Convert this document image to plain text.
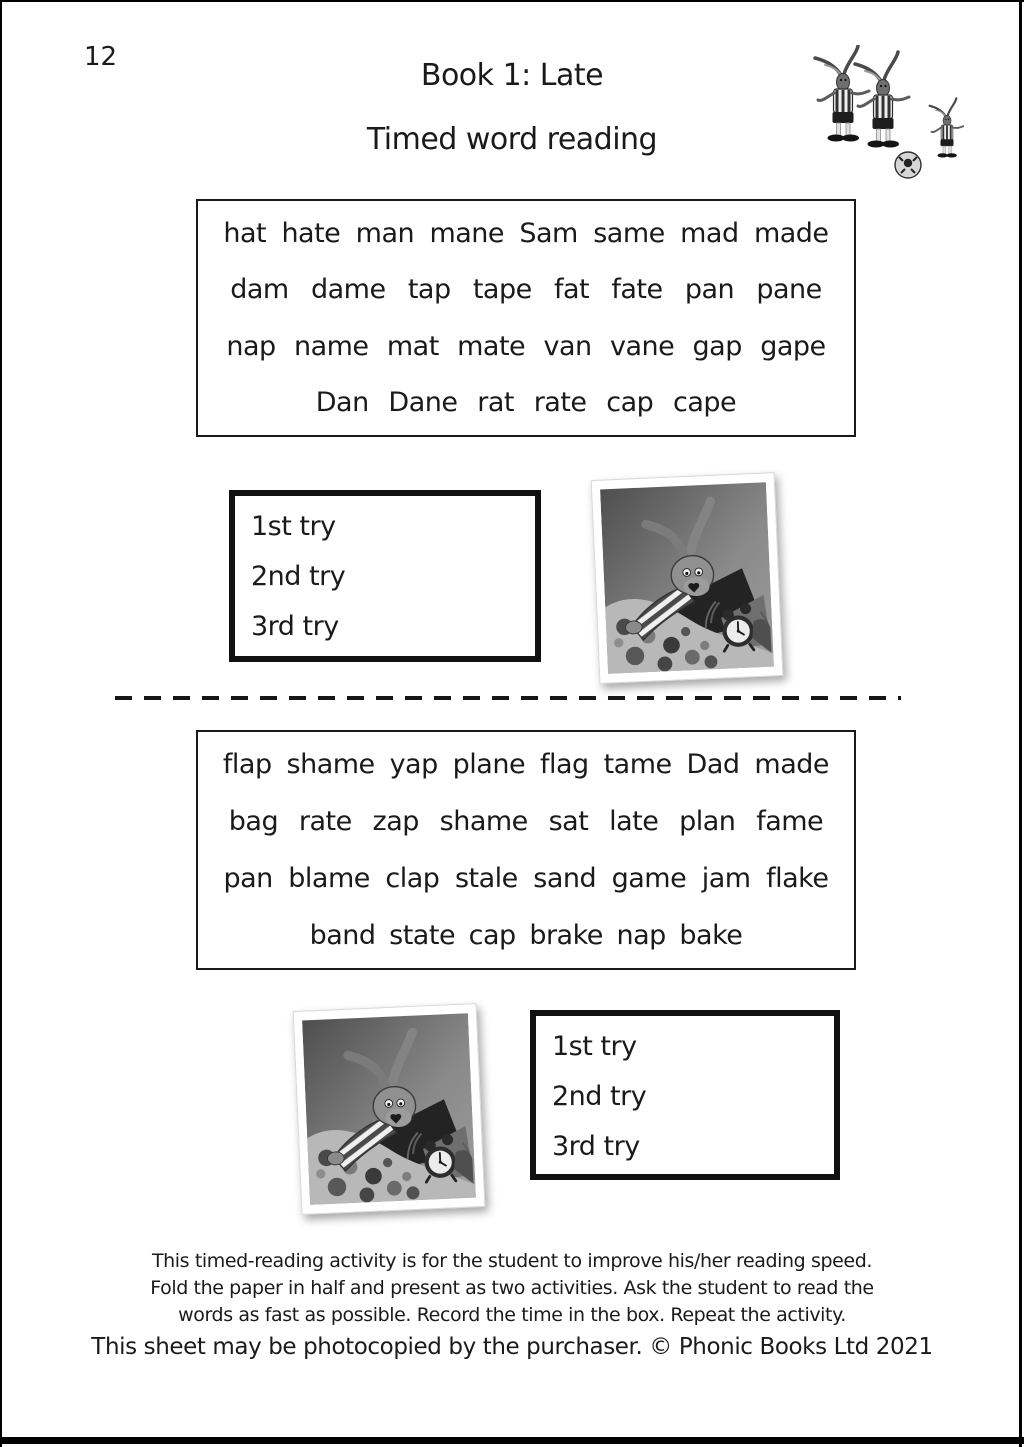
12
Book 1: Late
Timed word reading
hat hate man mane Sam same mad made
dam dame tap tape fat fate pan pane
nap name mat mate van vane gap gape
Dan Dane rat rate cap cape
1st try
2nd try
3rd try
flap shame yap plane flag tame Dad made
bag rate zap shame sat late plan fame
pan blame clap stale sand game jam flake
band state cap brake nap bake
1st try
2nd try
3rd try
This timed-reading activity is for the student to improve his/her reading speed. Fold the paper in half and present as two activities. Ask the student to read the words as fast as possible. Record the time in the box. Repeat the activity.
This sheet may be photocopied by the purchaser. © Phonic Books Ltd 2021
